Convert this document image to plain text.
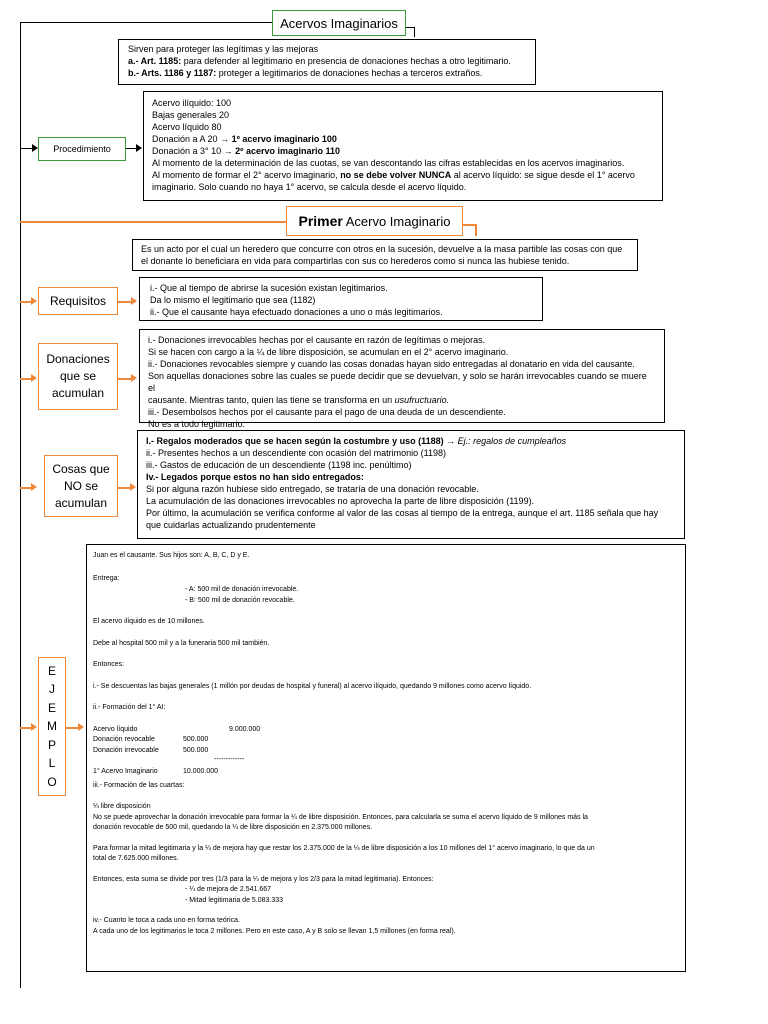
Acervos Imaginarios

Sirven para proteger las legítimas y las mejoras

a.- Art. 1185: para defender al legitimario en presencia de donaciones hechas a otro legitimario.

b.- Arts. 1186 y 1187: proteger a legitimarios de donaciones hechas a terceros extraños.

Procedimiento

Acervo ilíquido: 100

Bajas generales 20

Acervo líquido 80

Donación a A 20 → 1º acervo imaginario 100

Donación a 3° 10 → 2º acervo imaginario 110

Al momento de la determinación de las cuotas, se van descontando las cifras establecidas en los acervos imaginarios.

Al momento de formar el 2° acervo imaginario, no se debe volver NUNCA al acervo líquido: se sigue desde el 1° acervo

imaginario. Solo cuando no haya 1° acervo, se calcula desde el acervo líquido.

Primer Acervo Imaginario

Es un acto por el cual un heredero que concurre con otros en la sucesión, devuelve a la masa partible las cosas con que

el donante lo beneficiara en vida para compartirlas con sus co herederos como si nunca las hubiese tenido.

Requisitos

i.- Que al tiempo de abrirse la sucesión existan legitimarios.

Da lo mismo el legitimario que sea (1182)

ii.- Que el causante haya efectuado donaciones a uno o más legitimarios.

Donaciones
que se
acumulan

i.- Donaciones irrevocables hechas por el causante en razón de legítimas o mejoras.

Si se hacen con cargo a la ¼ de libre disposición, se acumulan en el 2° acervo imaginario.

ii.- Donaciones revocables siempre y cuando las cosas donadas hayan sido entregadas al donatario en vida del causante.

Son aquellas donaciones sobre las cuales se puede decidir que se devuelvan, y solo se harán irrevocables cuando se muere el

causante. Mientras tanto, quien las tiene se transforma en un usufructuario.

iii.- Desembolsos hechos por el causante para el pago de una deuda de un descendiente.

No es a todo legitimario.

Cosas que
NO se
acumulan

I.- Regalos moderados que se hacen según la costumbre y uso (1188) → Ej.: regalos de cumpleaños

ii.- Presentes hechos a un descendiente con ocasión del matrimonio (1198)

iii.- Gastos de educación de un descendiente (1198 inc. penúltimo)

Iv.- Legados porque estos no han sido entregados:

Si por alguna razón hubiese sido entregado, se trataría de una donación revocable.

La acumulación de las donaciones irrevocables no aprovecha la parte de libre disposición (1199).

Por último, la acumulación se verifica conforme al valor de las cosas al tiempo de la entrega, aunque el art. 1185 señala que hay

que cuidarlas actualizando prudentemente

E
J
E
M
P
L
O

Juan es el causante. Sus hijos son: A, B, C, D y E.

Entrega:

- A: 500 mil de donación irrevocable.

- B: 500 mil de donación revocable.

El acervo ilíquido es de 10 millones.

Debe al hospital 500 mil y a la funeraria 500 mil también.

Entonces:

i.- Se descuentas las bajas generales (1 millón por deudas de hospital y funeral) al acervo ilíquido, quedando 9 millones como acervo líquido.

ii.- Formación del 1° AI:

Acervo líquido	9.000.000
Donación revocable	500.000
Donación irrevocable	500.000
-------------
1° Acervo Imaginario	10.000.000

iii.- Formación de las cuartas:

¼ libre disposición

No se puede aprovechar la donación irrevocable para formar la ¼ de libre disposición. Entonces, para calcularla se suma el acervo líquido de 9 millones más la

donación revocable de 500 mil, quedando la ¼ de libre disposición en 2.375.000 millones.

Para formar la mitad legitimaria y la ¼ de mejora hay que restar los 2.375.000 de la ¼ de libre disposición a los 10 millones del 1° acervo imaginario, lo que da un

total de 7.625.000 millones.

Entonces, esta suma se divide por tres (1/3 para la ¼ de mejora y los 2/3 para la mitad legitimaria). Entonces:

- ¼ de mejora de 2.541.667

- Mitad legitimaria de 5.083.333

iv.- Cuanto le toca a cada uno en forma teórica.

A cada uno de los legitimarios le toca 2 millones. Pero en este caso, A y B solo se llevan 1,5 millones (en forma real).
